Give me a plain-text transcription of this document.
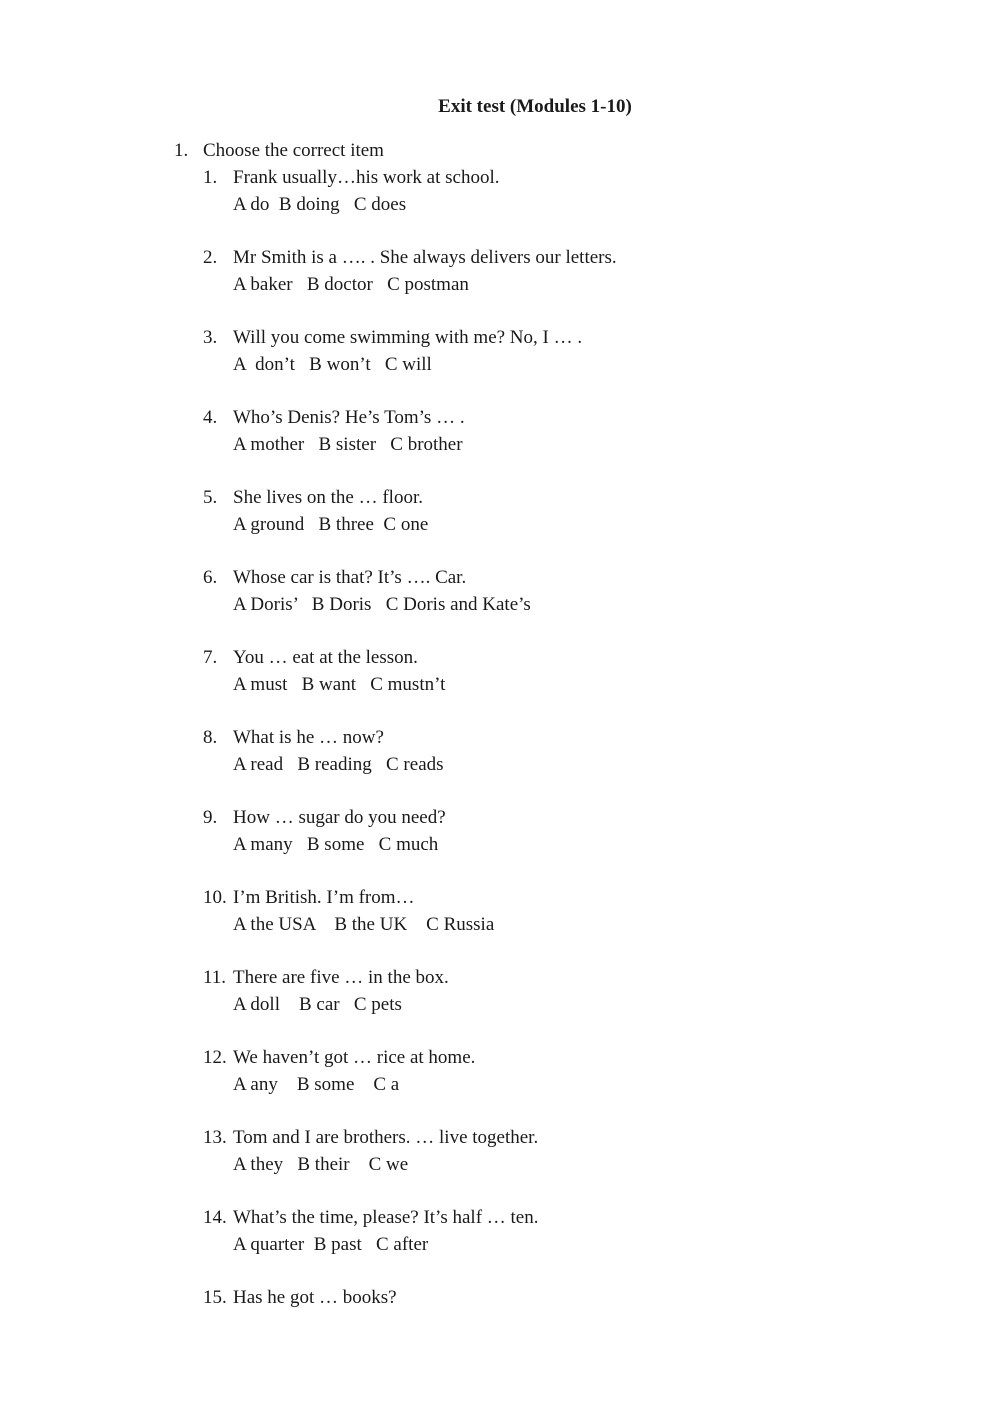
Exit test (Modules 1-10)
1. Choose the correct item
1. Frank usually…his work at school.
A do  B doing   C does
2. Mr Smith is a …. . She always delivers our letters.
A baker   B doctor   C postman
3. Will you come swimming with me? No, I … .
A  don’t   B won’t   C will
4. Who’s Denis? He’s Tom’s … .
A mother   B sister   C brother
5. She lives on the … floor.
A ground   B three  C one
6. Whose car is that? It’s …. Car.
A Doris’   B Doris   C Doris and Kate’s
7. You … eat at the lesson.
A must   B want   C mustn’t
8. What is he … now?
A read   B reading   C reads
9. How … sugar do you need?
A many   B some   C much
10. I’m British. I’m from…
A the USA    B the UK    C Russia
11. There are five … in the box.
A doll    B car   C pets
12. We haven’t got … rice at home.
A any    B some    C a
13. Tom and I are brothers. … live together.
A they   B their    C we
14. What’s the time, please? It’s half … ten.
A quarter  B past   C after
15. Has he got … books?
